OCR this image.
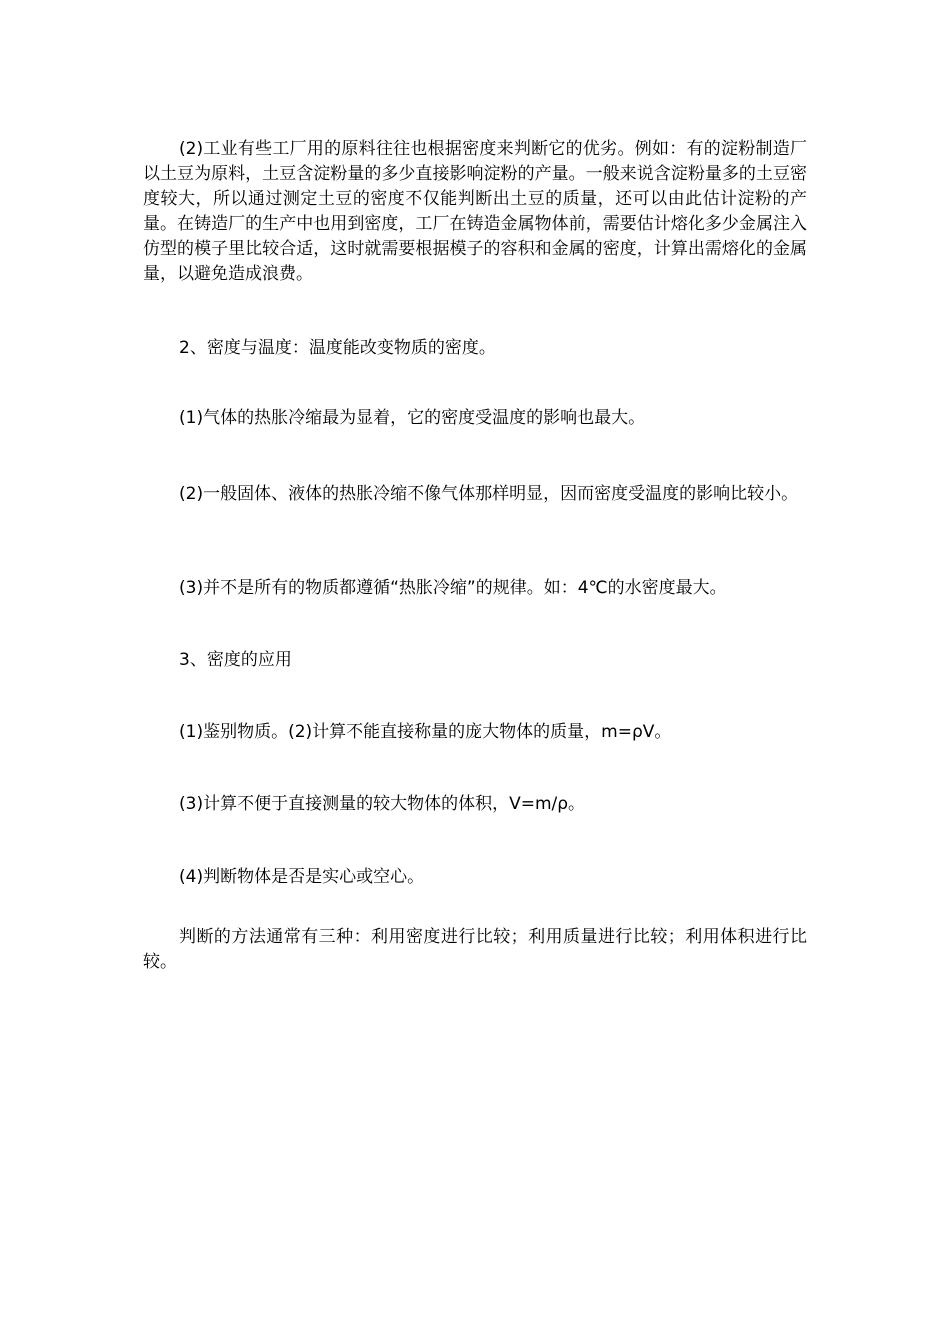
(2)工业有些工厂用的原料往往也根据密度来判断它的优劣。例如：有的淀粉制造厂以土豆为原料，土豆含淀粉量的多少直接影响淀粉的产量。一般来说含淀粉量多的土豆密度较大，所以通过测定土豆的密度不仅能判断出土豆的质量，还可以由此估计淀粉的产量。在铸造厂的生产中也用到密度，工厂在铸造金属物体前，需要估计熔化多少金属注入仿型的模子里比较合适，这时就需要根据模子的容积和金属的密度，计算出需熔化的金属量，以避免造成浪费。

2、密度与温度：温度能改变物质的密度。

(1)气体的热胀冷缩最为显着，它的密度受温度的影响也最大。

(2)一般固体、液体的热胀冷缩不像气体那样明显，因而密度受温度的影响比较小。

(3)并不是所有的物质都遵循“热胀冷缩”的规律。如：4℃的水密度最大。

3、密度的应用

(1)鉴别物质。(2)计算不能直接称量的庞大物体的质量，m=ρV。

(3)计算不便于直接测量的较大物体的体积，V=m/ρ。

(4)判断物体是否是实心或空心。

判断的方法通常有三种：利用密度进行比较；利用质量进行比较；利用体积进行比较。
